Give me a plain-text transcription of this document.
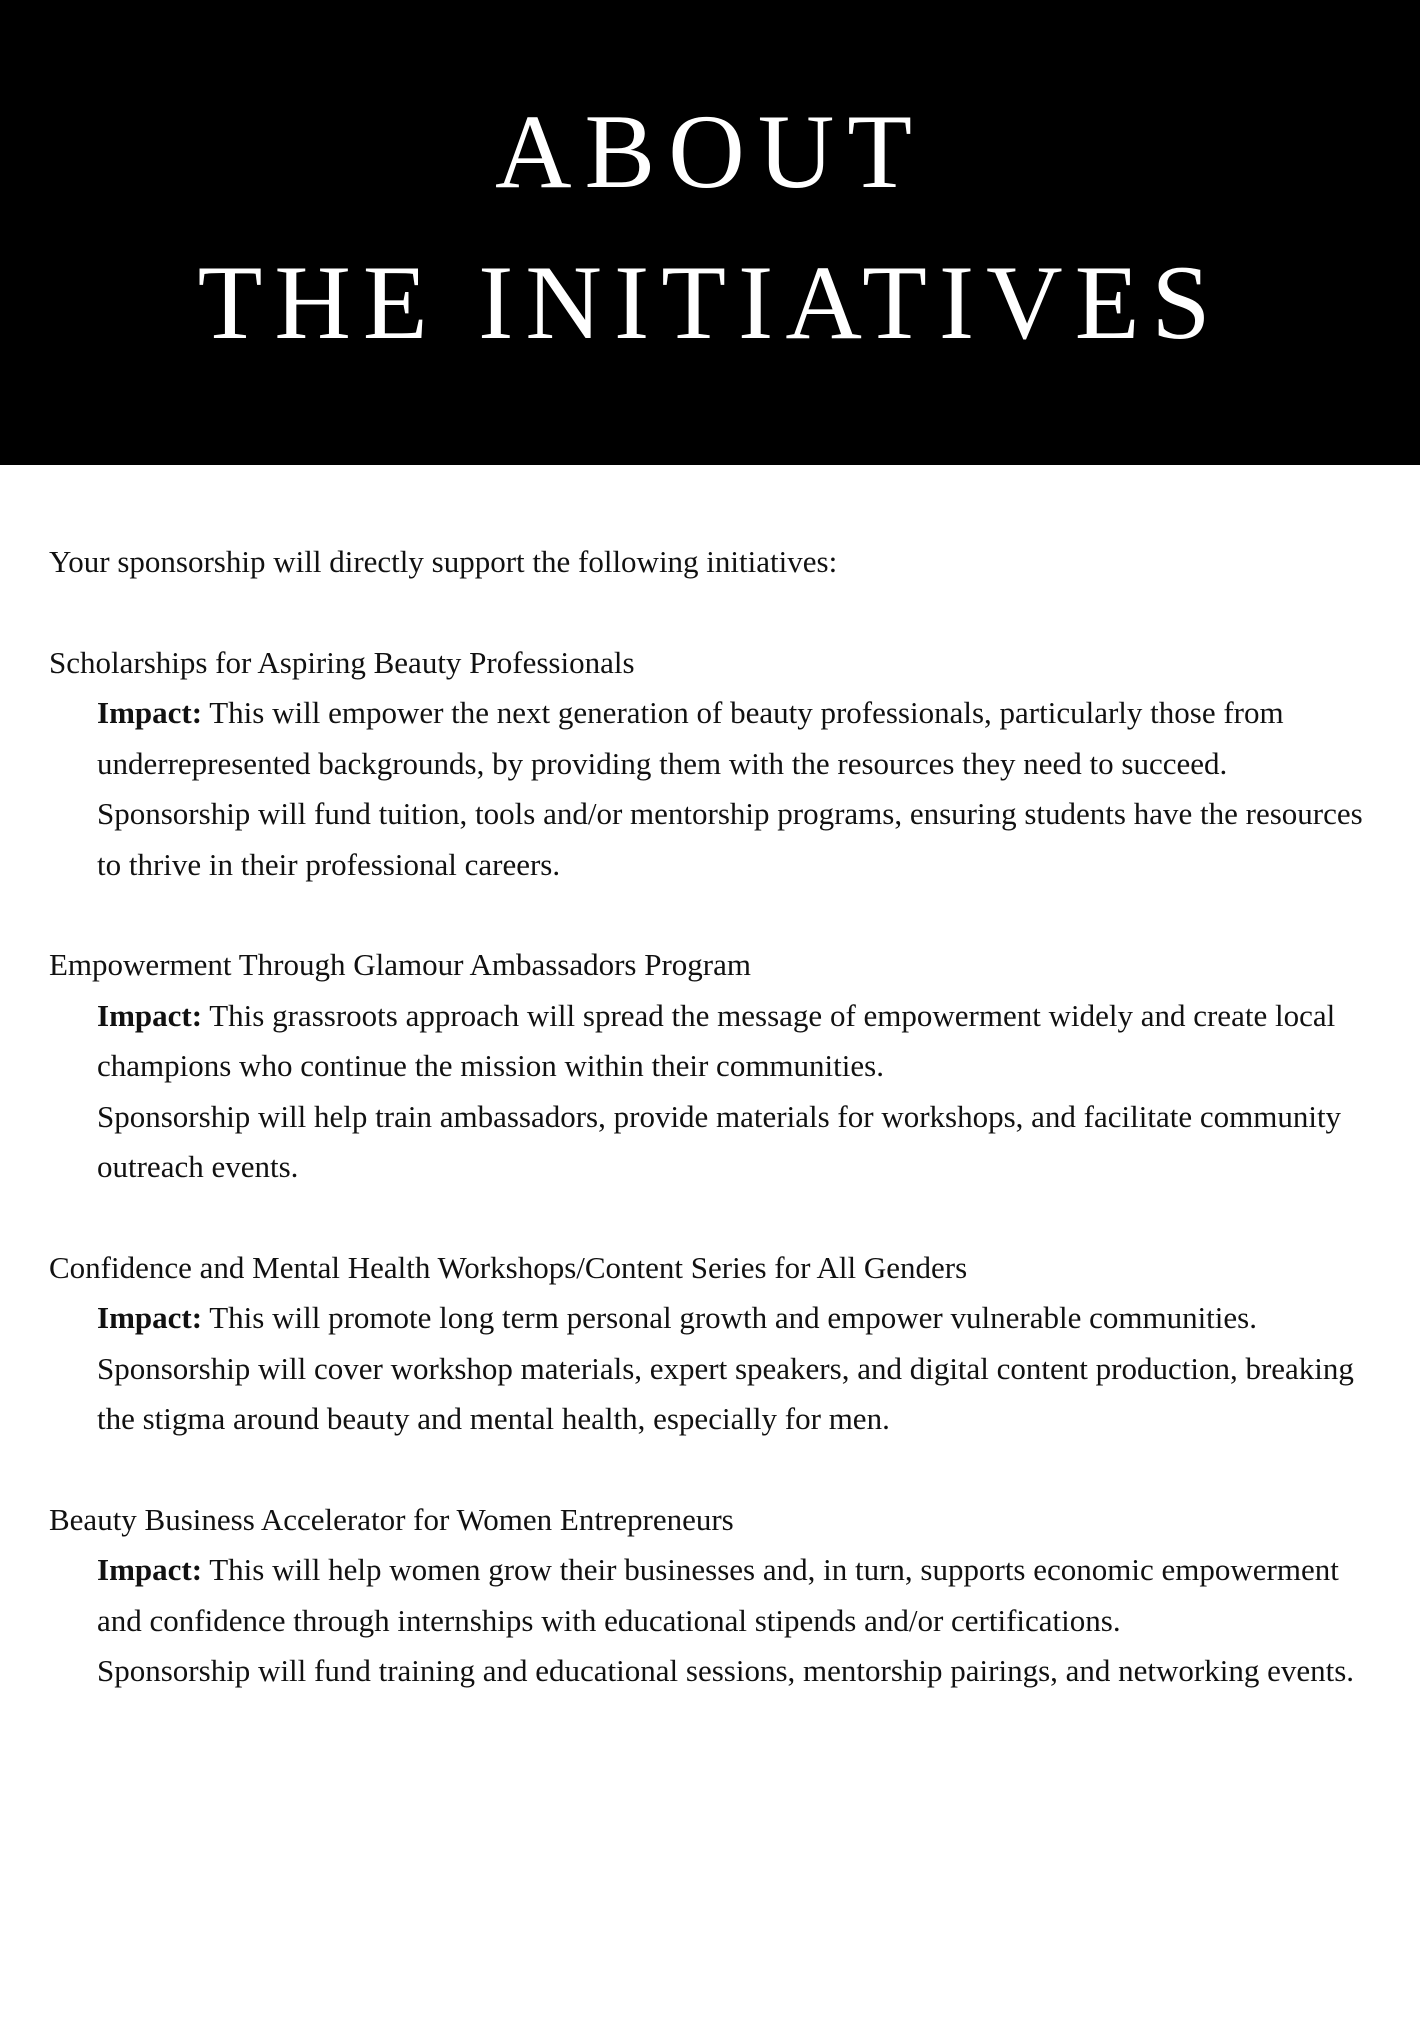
ABOUT
THE INITIATIVES

Your sponsorship will directly support the following initiatives:

Scholarships for Aspiring Beauty Professionals

Impact: This will empower the next generation of beauty professionals, particularly those from underrepresented backgrounds, by providing them with the resources they need to succeed.

Sponsorship will fund tuition, tools and/or mentorship programs, ensuring students have the resources to thrive in their professional careers.

Empowerment Through Glamour Ambassadors Program

Impact: This grassroots approach will spread the message of empowerment widely and create local champions who continue the mission within their communities.

Sponsorship will help train ambassadors, provide materials for workshops, and facilitate community outreach events.

Confidence and Mental Health Workshops/Content Series for All Genders

Impact: This will promote long term personal growth and empower vulnerable communities.

Sponsorship will cover workshop materials, expert speakers, and digital content production, breaking the stigma around beauty and mental health, especially for men.

Beauty Business Accelerator for Women Entrepreneurs

Impact: This will help women grow their businesses and, in turn, supports economic empowerment and confidence through internships with educational stipends and/or certifications.

Sponsorship will fund training and educational sessions, mentorship pairings, and networking events.
